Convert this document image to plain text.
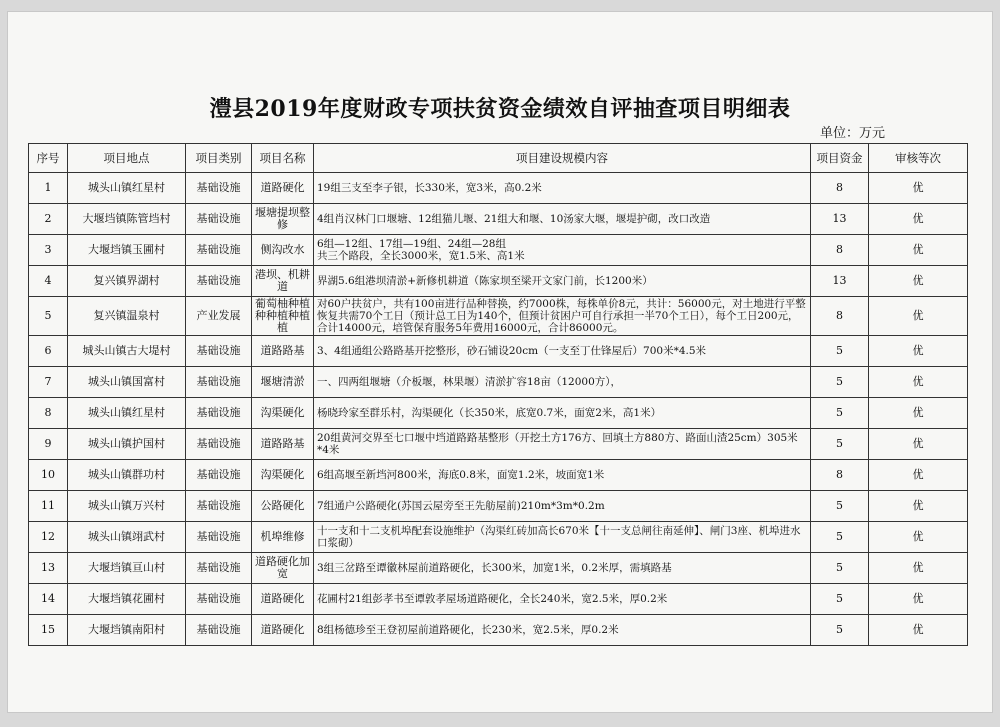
澧县2019年度财政专项扶贫资金绩效自评抽查项目明细表
单位：万元
序号	项目地点	项目类别	项目名称	项目建设规模内容	项目资金	审核等次
1	城头山镇红星村	基础设施	道路硬化	19组三支至李子银，长330米，宽3米，高0.2米	8	优
2	大堰垱镇陈管垱村	基础设施	堰塘提坝整修	4组肖汉林门口堰塘、12组猫儿堰、21组大和堰、10汤家大堰，堰堤护砌，改口改造	13	优
3	大堰垱镇玉圃村	基础设施	侧沟改水	6组—12组、17组—19组、24组—28组
共三个路段，全长3000米，宽1.5米、高1米	8	优
4	复兴镇界湖村	基础设施	港坝、机耕道	界湖5.6组港坝清淤+新修机耕道（陈家坝至梁开文家门前，长1200米）	13	优
5	复兴镇温泉村	产业发展	葡萄柚种植种种植种植植	对60户扶贫户，共有100亩进行品种替换，约7000株，每株单价8元，共计：56000元，对土地进行平整恢复共需70个工日（预计总工日为140个，但预计贫困户可自行承担一半70个工日），每个工日200元，合计14000元，培管保育服务5年费用16000元，合计86000元。	8	优
6	城头山镇古大堤村	基础设施	道路路基	3、4组通组公路路基开挖整形，砂石铺设20cm（一支至丁仕锋屋后）700米*4.5米	5	优
7	城头山镇国富村	基础设施	堰塘清淤	一、四两组堰塘（介板堰，林果堰）清淤扩容18亩（12000方），	5	优
8	城头山镇红星村	基础设施	沟渠硬化	杨晓玲家至群乐村，沟渠硬化（长350米，底宽0.7米，面宽2米，高1米）	5	优
9	城头山镇护国村	基础设施	道路路基	20组黄河交界至七口堰中垱道路路基整形（开挖土方176方、回填土方880方、路面山渣25cm）305米*4米	5	优
10	城头山镇群功村	基础设施	沟渠硬化	6组高堰至新垱河800米，海底0.8米，面宽1.2米，坡面宽1米	8	优
11	城头山镇万兴村	基础设施	公路硬化	7组通户公路硬化(苏国云屋旁至王先舫屋前)210m*3m*0.2m	5	优
12	城头山镇翊武村	基础设施	机埠维修	十一支和十二支机埠配套设施维护（沟渠红砖加高长670米【十一支总闸往南延伸】、闸门3座、机埠进水口浆砌）	5	优
13	大堰垱镇亘山村	基础设施	道路硬化加宽	3组三岔路至谭徽林屋前道路硬化，长300米，加宽1米，0.2米厚，需填路基	5	优
14	大堰垱镇花圃村	基础设施	道路硬化	花圃村21组彭孝书至谭敦孝屋场道路硬化，全长240米，宽2.5米，厚0.2米	5	优
15	大堰垱镇南阳村	基础设施	道路硬化	8组杨德珍至王登初屋前道路硬化，长230米，宽2.5米，厚0.2米	5	优
